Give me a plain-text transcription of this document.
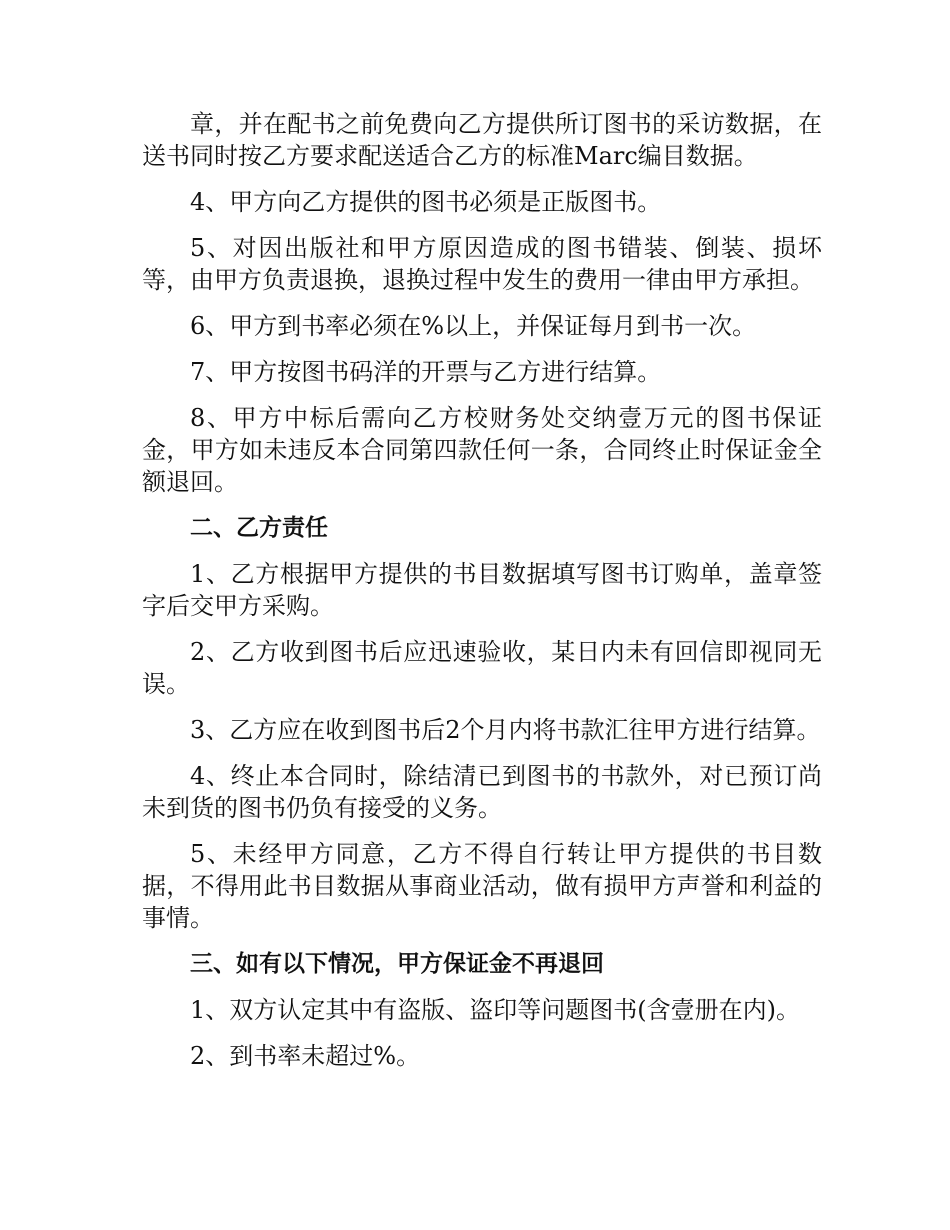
章，并在配书之前免费向乙方提供所订图书的采访数据，在送书同时按乙方要求配送适合乙方的标准Marc编目数据。

4、甲方向乙方提供的图书必须是正版图书。

5、对因出版社和甲方原因造成的图书错装、倒装、损坏等，由甲方负责退换，退换过程中发生的费用一律由甲方承担。

6、甲方到书率必须在%以上，并保证每月到书一次。

7、甲方按图书码洋的开票与乙方进行结算。

8、甲方中标后需向乙方校财务处交纳壹万元的图书保证金，甲方如未违反本合同第四款任何一条，合同终止时保证金全额退回。

二、乙方责任

1、乙方根据甲方提供的书目数据填写图书订购单，盖章签字后交甲方采购。

2、乙方收到图书后应迅速验收，某日内未有回信即视同无误。

3、乙方应在收到图书后2个月内将书款汇往甲方进行结算。

4、终止本合同时，除结清已到图书的书款外，对已预订尚未到货的图书仍负有接受的义务。

5、未经甲方同意，乙方不得自行转让甲方提供的书目数据，不得用此书目数据从事商业活动，做有损甲方声誉和利益的事情。

三、如有以下情况，甲方保证金不再退回

1、双方认定其中有盗版、盗印等问题图书(含壹册在内)。

2、到书率未超过%。
